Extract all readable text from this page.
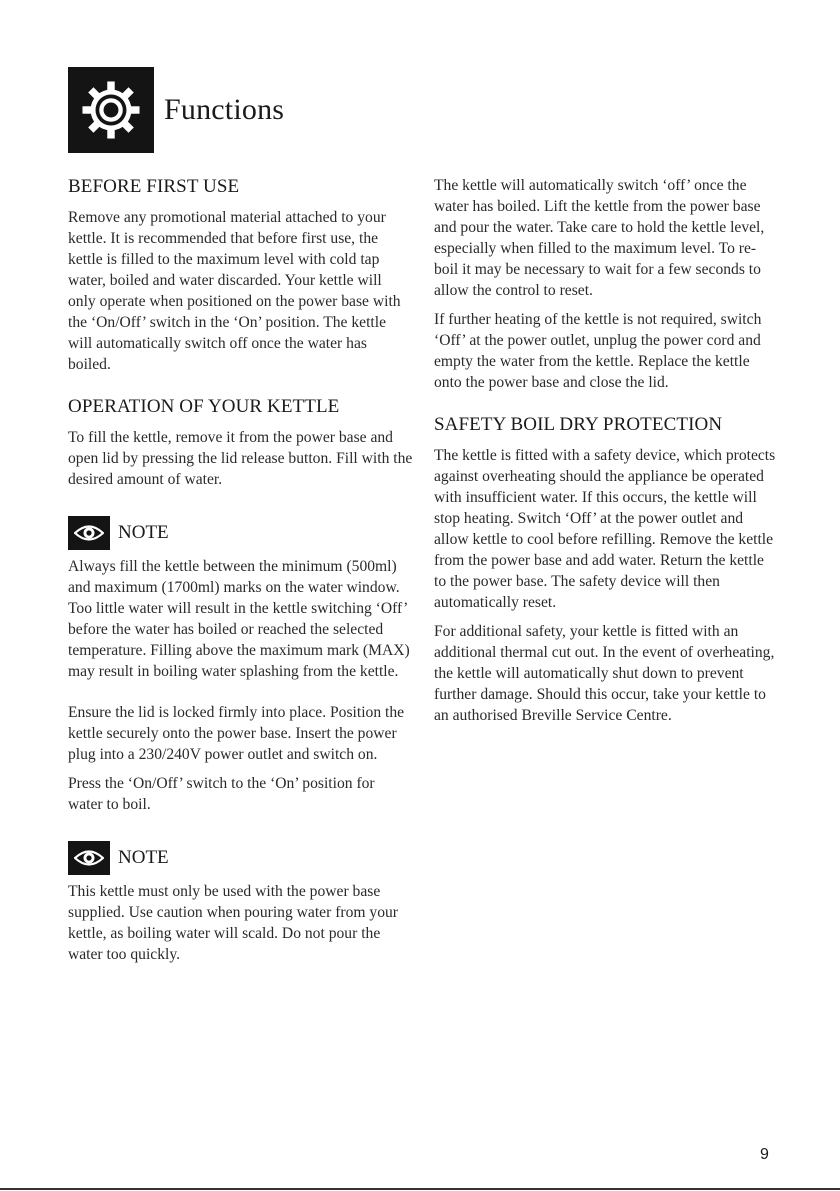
Functions
BEFORE FIRST USE

Remove any promotional material attached to your kettle. It is recommended that before first use, the kettle is filled to the maximum level with cold tap water, boiled and water discarded. Your kettle will only operate when positioned on the power base with the ‘On/Off’ switch in the ‘On’ position. The kettle will automatically switch off once the water has boiled.

OPERATION OF YOUR KETTLE

To fill the kettle, remove it from the power base and open lid by pressing the lid release button. Fill with the desired amount of water.

NOTE

Always fill the kettle between the minimum (500ml) and maximum (1700ml) marks on the water window. Too little water will result in the kettle switching ‘Off’ before the water has boiled or reached the selected temperature. Filling above the maximum mark (MAX) may result in boiling water splashing from the kettle.

Ensure the lid is locked firmly into place. Position the kettle securely onto the power base. Insert the power plug into a 230/240V power outlet and switch on.

Press the ‘On/Off’ switch to the ‘On’ position for water to boil.

NOTE

This kettle must only be used with the power base supplied. Use caution when pouring water from your kettle, as boiling water will scald. Do not pour the water too quickly.

The kettle will automatically switch ‘off’ once the water has boiled. Lift the kettle from the power base and pour the water. Take care to hold the kettle level, especially when filled to the maximum level. To re-boil it may be necessary to wait for a few seconds to allow the control to reset.

If further heating of the kettle is not required, switch ‘Off’ at the power outlet, unplug the power cord and empty the water from the kettle. Replace the kettle onto the power base and close the lid.

SAFETY BOIL DRY PROTECTION

The kettle is fitted with a safety device, which protects against overheating should the appliance be operated with insufficient water. If this occurs, the kettle will stop heating. Switch ‘Off’ at the power outlet and allow kettle to cool before refilling. Remove the kettle from the power base and add water. Return the kettle to the power base. The safety device will then automatically reset.

For additional safety, your kettle is fitted with an additional thermal cut out. In the event of overheating, the kettle will automatically shut down to prevent further damage. Should this occur, take your kettle to an authorised Breville Service Centre.

9
